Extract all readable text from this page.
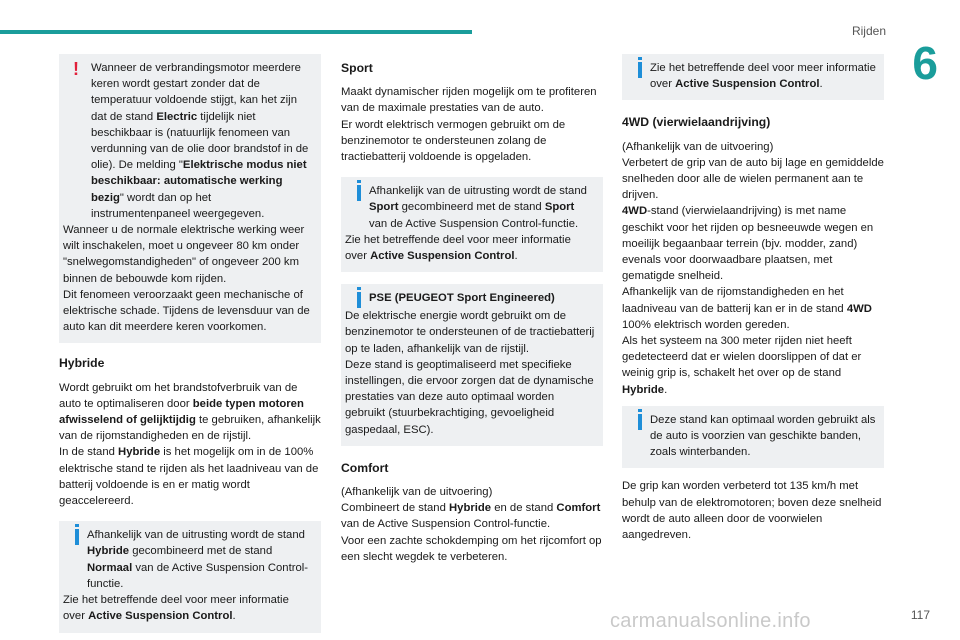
Rijden
6
!	Wanneer de verbrandingsmotor meerdere keren wordt gestart zonder dat de temperatuur voldoende stijgt, kan het zijn dat de stand Electric tijdelijk niet beschikbaar is (natuurlijk fenomeen van verdunning van de olie door brandstof in de olie). De melding "Elektrische modus niet beschikbaar: automatische werking bezig" wordt dan op het instrumentenpaneel weergegeven.
Wanneer u de normale elektrische werking weer wilt inschakelen, moet u ongeveer 80 km onder "snelwegomstandigheden" of ongeveer 200 km binnen de bebouwde kom rijden.
Dit fenomeen veroorzaakt geen mechanische of elektrische schade. Tijdens de levensduur van de auto kan dit meerdere keren voorkomen.
Hybride
Wordt gebruikt om het brandstofverbruik van de auto te optimaliseren door beide typen motoren afwisselend of gelijktijdig te gebruiken, afhankelijk van de rijomstandigheden en de rijstijl.
In de stand Hybride is het mogelijk om in de 100% elektrische stand te rijden als het laadniveau van de batterij voldoende is en er matig wordt geaccelereerd.
Afhankelijk van de uitrusting wordt de stand Hybride gecombineerd met de stand Normaal van de Active Suspension Control-functie.
Zie het betreffende deel voor meer informatie over Active Suspension Control.
Sport
Maakt dynamischer rijden mogelijk om te profiteren van de maximale prestaties van de auto.
Er wordt elektrisch vermogen gebruikt om de benzinemotor te ondersteunen zolang de tractiebatterij voldoende is opgeladen.
Afhankelijk van de uitrusting wordt de stand Sport gecombineerd met de stand Sport van de Active Suspension Control-functie.
Zie het betreffende deel voor meer informatie over Active Suspension Control.
PSE (PEUGEOT Sport Engineered)
De elektrische energie wordt gebruikt om de benzinemotor te ondersteunen of de tractiebatterij op te laden, afhankelijk van de rijstijl.
Deze stand is geoptimaliseerd met specifieke instellingen, die ervoor zorgen dat de dynamische prestaties van deze auto optimaal worden gebruikt (stuurbekrachtiging, gevoeligheid gaspedaal, ESC).
Comfort
(Afhankelijk van de uitvoering)
Combineert de stand Hybride en de stand Comfort van de Active Suspension Control-functie.
Voor een zachte schokdemping om het rijcomfort op een slecht wegdek te verbeteren.
Zie het betreffende deel voor meer informatie over Active Suspension Control.
4WD (vierwielaandrijving)
(Afhankelijk van de uitvoering)
Verbetert de grip van de auto bij lage en gemiddelde snelheden door alle de wielen permanent aan te drijven.
4WD-stand (vierwielaandrijving) is met name geschikt voor het rijden op besneeuwde wegen en moeilijk begaanbaar terrein (bjv. modder, zand) evenals voor doorwaadbare plaatsen, met gematigde snelheid.
Afhankelijk van de rijomstandigheden en het laadniveau van de batterij kan er in de stand 4WD 100% elektrisch worden gereden.
Als het systeem na 300 meter rijden niet heeft gedetecteerd dat er wielen doorslippen of dat er weinig grip is, schakelt het over op de stand Hybride.
Deze stand kan optimaal worden gebruikt als de auto is voorzien van geschikte banden, zoals winterbanden.
De grip kan worden verbeterd tot 135 km/h met behulp van de elektromotoren; boven deze snelheid wordt de auto alleen door de voorwielen aangedreven.
117
carmanualsonline.info
